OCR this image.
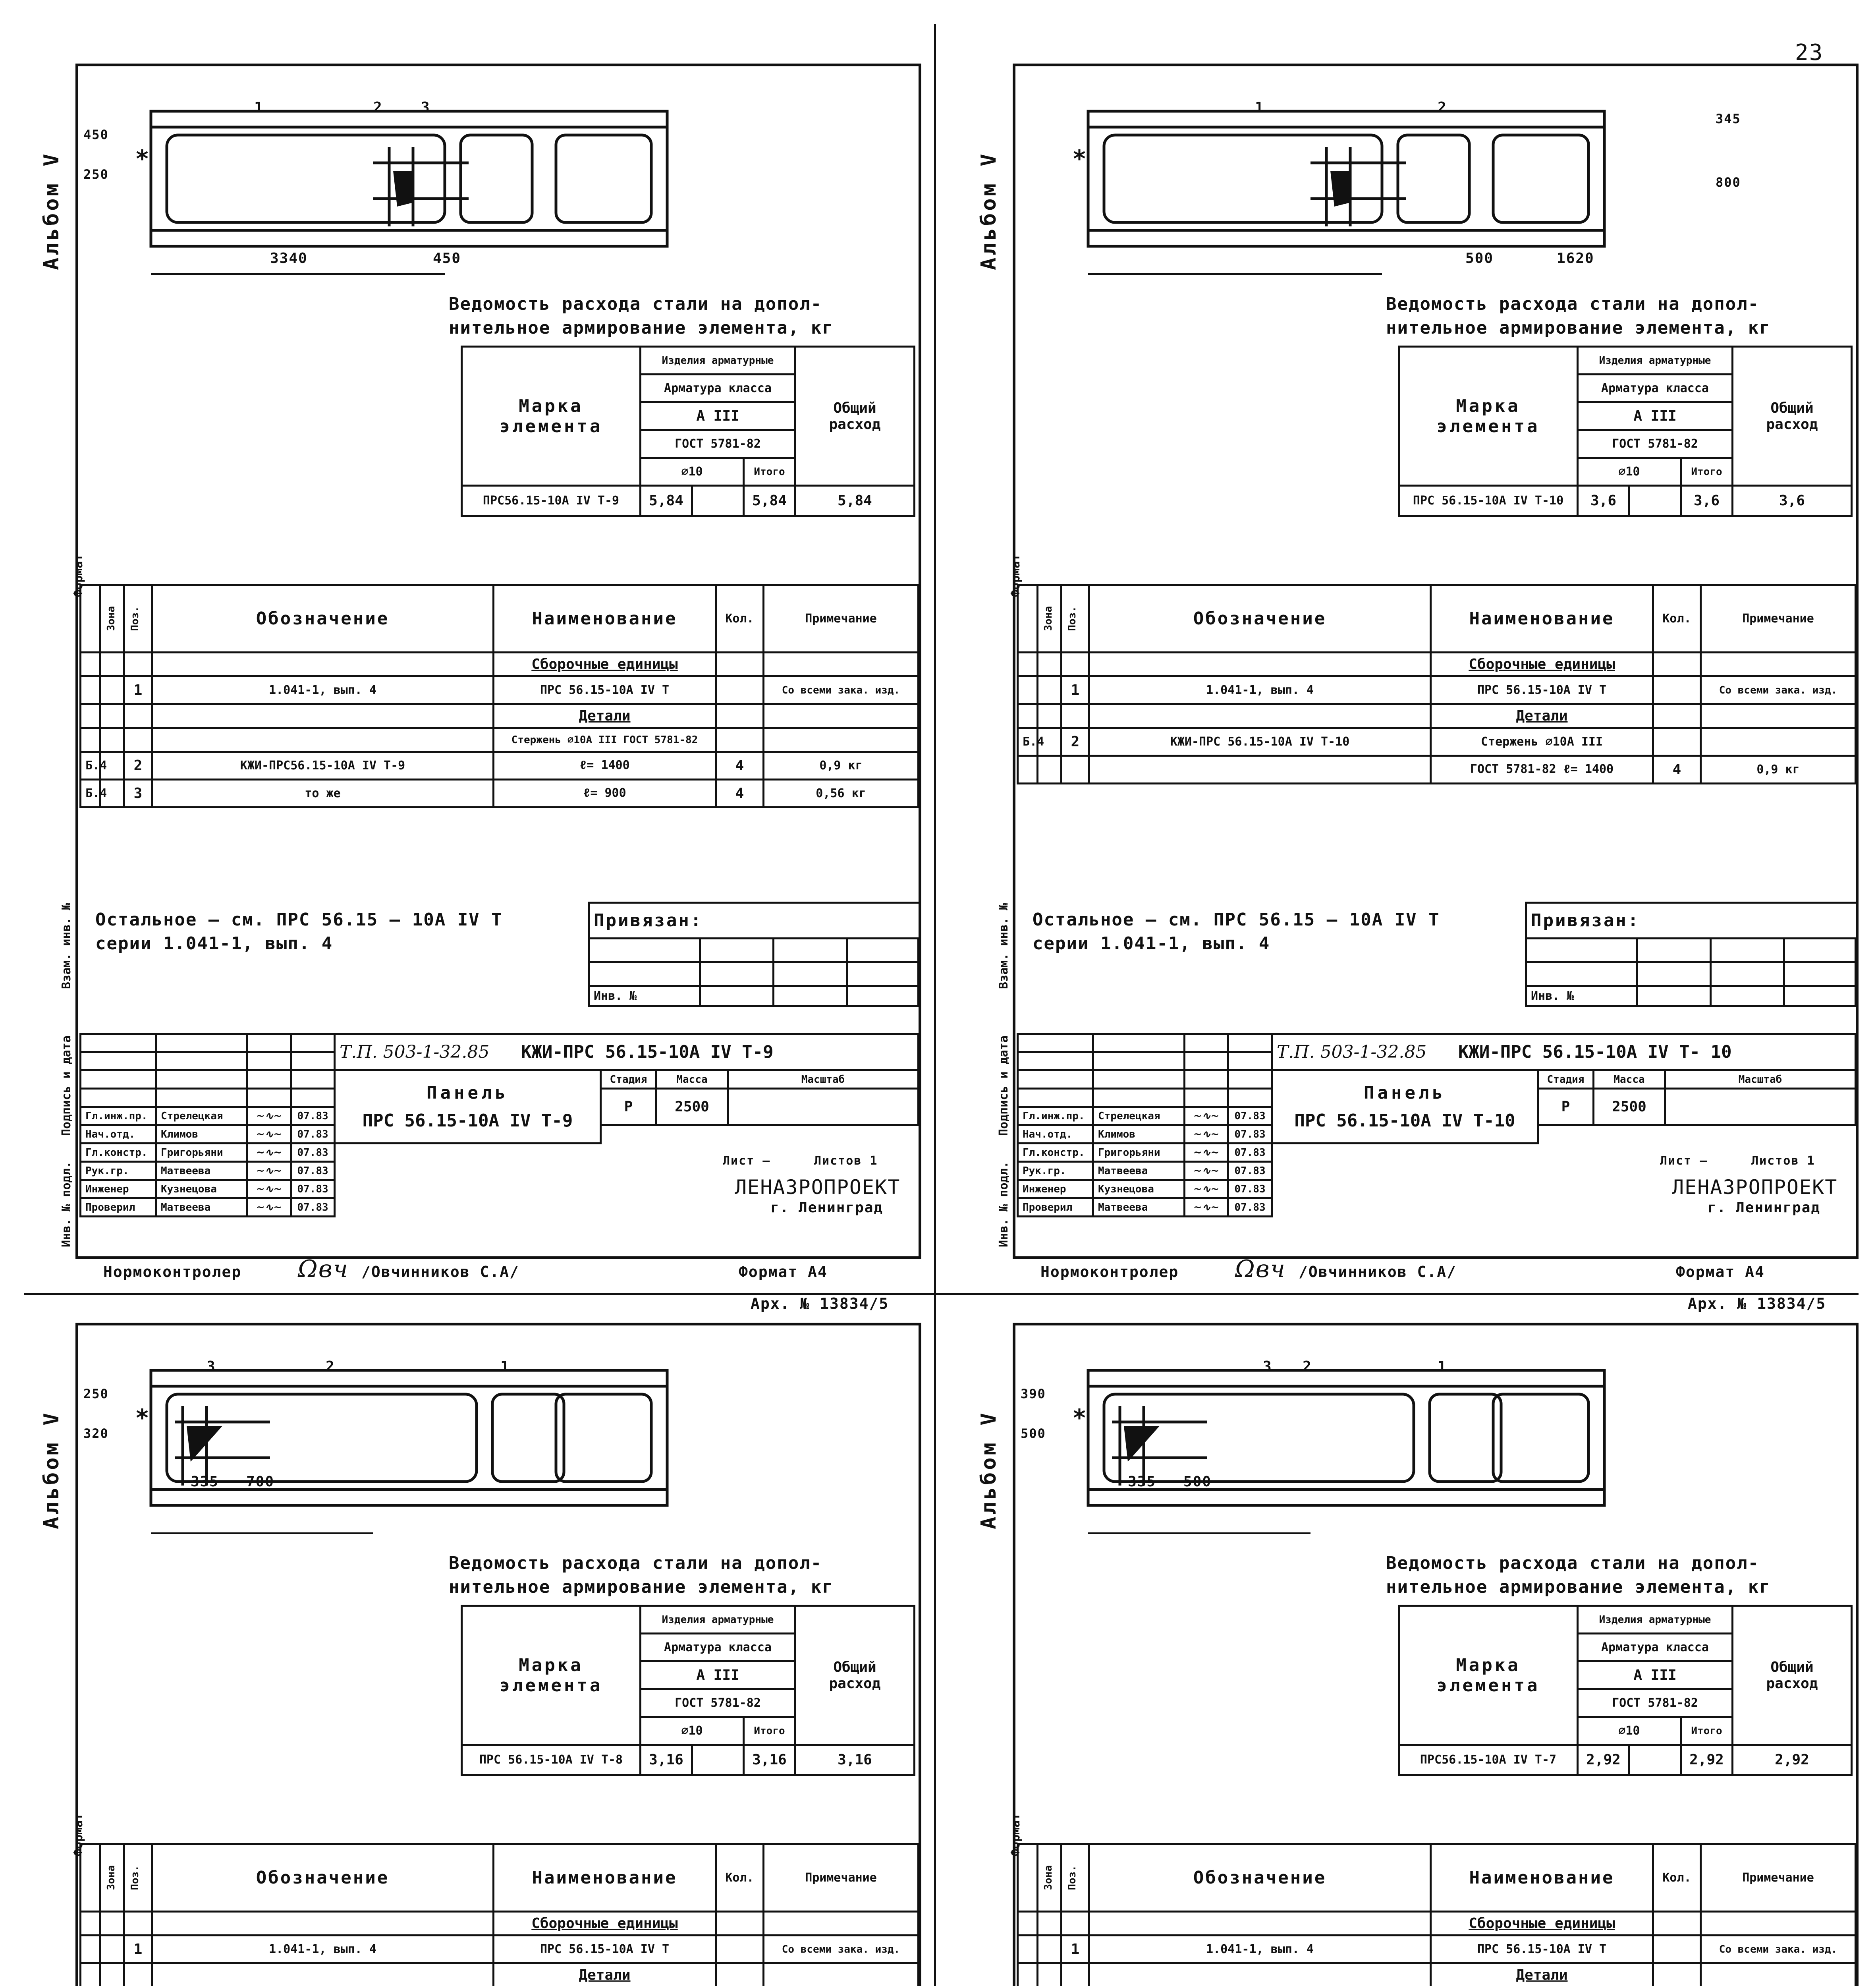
23
Альбом V	*
3340	450
450
250
1	2	3
Ведомость расхода стали на допол-
нительное армирование элемента, кг
Марка
элемента	Изделия арматурные			Общий
расход
	Арматура класса			
	A III			
	ГОСТ 5781-82			
	∅10		Итого	
ПРС56.15-10А IV Т-9	5,84		5,84	5,84
Формат	Зона	Поз.	Обозначение	Наименование	Кол.	Примечание
				Сборочные единицы		
		1	1.041-1, вып. 4	ПРС 56.15-10А IV Т		Со всеми зака. изд.
				Детали		
				Стержень ∅10А III ГОСТ 5781-82		
Б.4		2	КЖИ-ПРС56.15-10А IV Т-9	ℓ= 1400	4	0,9 кг
Б.4		3	то же	ℓ= 900	4	0,56 кг
Остальное — см. ПРС 56.15 — 10А IV Т
серии 1.041-1, вып. 4
Привязан:			

Инв. №			
				Т.П. 503-1-32.85 КЖИ-ПРС 56.15-10А IV Т-9			

				Панель
ПРС 56.15-10А IV Т-9	Стадия	Масса	Масштаб
					Р	2500	
Гл.инж.пр.	Стрелецкая	~∿~	07.83				
Нач.отд.	Климов	~∿~	07.83				
Гл.констр.	Григорьяни	~∿~	07.83				
Рук.гр.	Матвеева	~∿~	07.83				
Инженер	Кузнецова	~∿~	07.83				
Проверил	Матвеева	~∿~	07.83				
Лист —	Листов 1
ЛЕНАЗРОПРОЕКТ
г. Ленинград
Инв. № подл.
Подпись и дата
Взам. инв. №
Нормоконтролер Ωвч /Овчинников С.А/	Формат А4
Арх. № 13834/5
Альбом V	*
500	1620
345
800
1	2
Ведомость расхода стали на допол-
нительное армирование элемента, кг
Марка
элемента	Изделия арматурные			Общий
расход
	Арматура класса			
	A III			
	ГОСТ 5781-82			
	∅10		Итого	
ПРС 56.15-10А IV Т-10	3,6		3,6	3,6
Формат	Зона	Поз.	Обозначение	Наименование	Кол.	Примечание
				Сборочные единицы		
		1	1.041-1, вып. 4	ПРС 56.15-10А IV Т		Со всеми зака. изд.
				Детали		
Б.4		2	КЖИ-ПРС 56.15-10А IV Т-10	Стержень ∅10А III		
				ГОСТ 5781-82 ℓ= 1400	4	0,9 кг
Остальное — см. ПРС 56.15 — 10А IV Т
серии 1.041-1, вып. 4
Привязан:			

Инв. №			
				Т.П. 503-1-32.85 КЖИ-ПРС 56.15-10А IV Т- 10			

				Панель
ПРС 56.15-10А IV Т-10	Стадия	Масса	Масштаб
					Р	2500	
Гл.инж.пр.	Стрелецкая	~∿~	07.83				
Нач.отд.	Климов	~∿~	07.83				
Гл.констр.	Григорьяни	~∿~	07.83				
Рук.гр.	Матвеева	~∿~	07.83				
Инженер	Кузнецова	~∿~	07.83				
Проверил	Матвеева	~∿~	07.83				
Лист —	Листов 1
ЛЕНАЗРОПРОЕКТ
г. Ленинград
Инв. № подл.
Подпись и дата
Взам. инв. №
Нормоконтролер Ωвч /Овчинников С.А/	Формат А4
Арх. № 13834/5
Альбом V	*
335 700
250
320
3	2	1
Ведомость расхода стали на допол-
нительное армирование элемента, кг
Марка
элемента	Изделия арматурные			Общий
расход
	Арматура класса			
	A III			
	ГОСТ 5781-82			
	∅10		Итого	
ПРС 56.15-10А IV Т-8	3,16		3,16	3,16
Формат	Зона	Поз.	Обозначение	Наименование	Кол.	Примечание
				Сборочные единицы		
		1	1.041-1, вып. 4	ПРС 56.15-10А IV Т		Со всеми зака. изд.
				Детали		

Альбом V	*
335 500
390
500
3 2	1
Ведомость расхода стали на допол-
нительное армирование элемента, кг
Марка
элемента	Изделия арматурные			Общий
расход
	Арматура класса			
	A III			
	ГОСТ 5781-82			
	∅10		Итого	
ПРС56.15-10А IV Т-7	2,92		2,92	2,92
Формат	Зона	Поз.	Обозначение	Наименование	Кол.	Примечание
				Сборочные единицы		
		1	1.041-1, вып. 4	ПРС 56.15-10А IV Т		Со всеми зака. изд.
				Детали		
